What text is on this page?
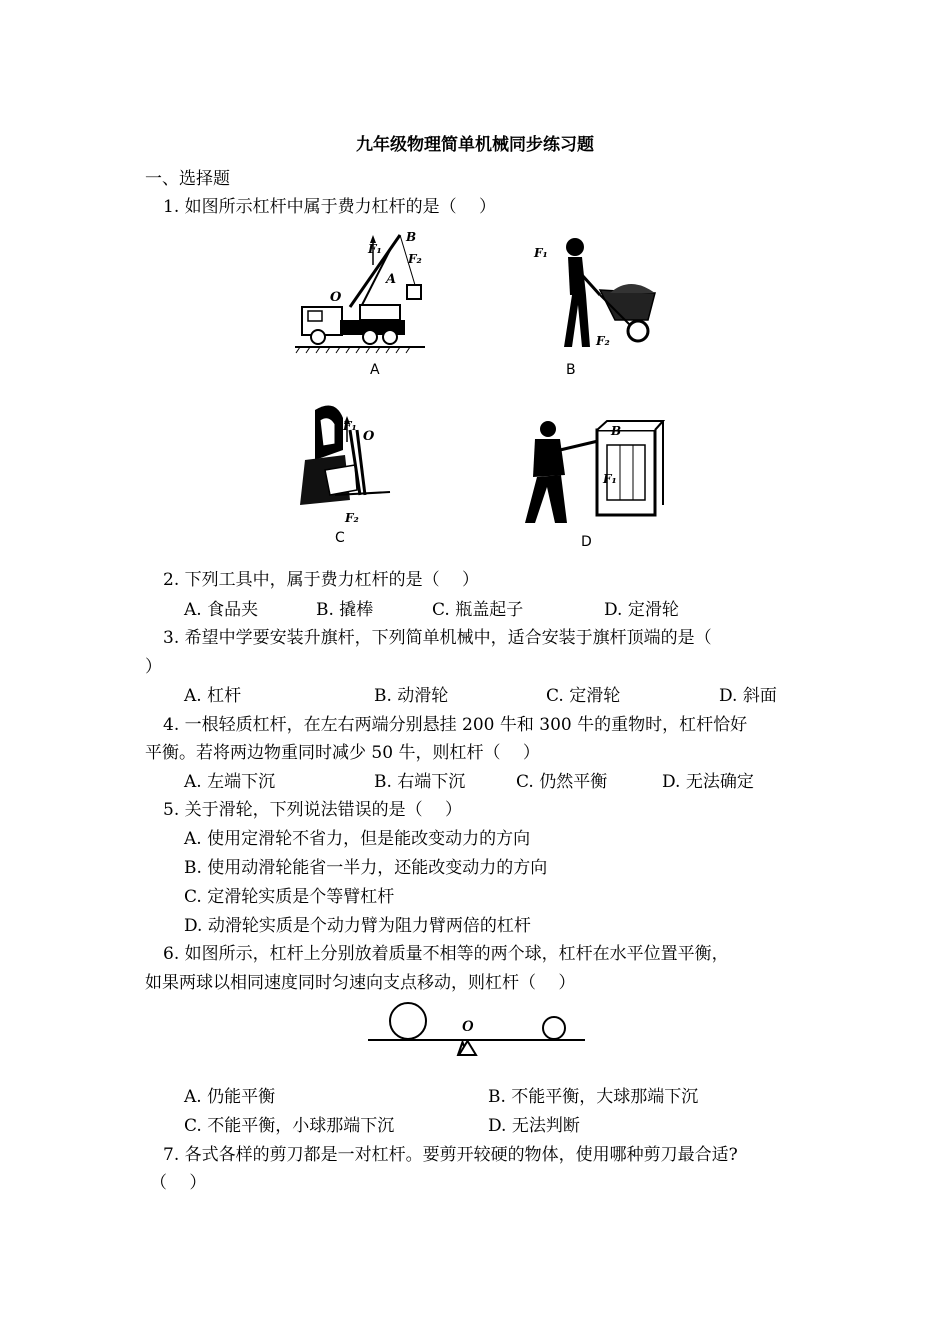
九年级物理简单机械同步练习题
一、选择题
1. 如图所示杠杆中属于费力杠杆的是（　 ）
F₁
B
F₂
O
A
A
F₁
F₂
B
F₁
O
F₂
C
B
F₁
D
2. 下列工具中，属于费力杠杆的是（　 ）
A. 食品夹	B. 撬棒	C. 瓶盖起子	D. 定滑轮
3. 希望中学要安装升旗杆，下列简单机械中，适合安装于旗杆顶端的是（
）
A. 杠杆	B. 动滑轮	C. 定滑轮	D. 斜面
4. 一根轻质杠杆，在左右两端分别悬挂 200 牛和 300 牛的重物时，杠杆恰好
平衡。若将两边物重同时减少 50 牛，则杠杆（　 ）
A. 左端下沉	B. 右端下沉	C. 仍然平衡	D. 无法确定
5. 关于滑轮，下列说法错误的是（　 ）
A. 使用定滑轮不省力，但是能改变动力的方向
B. 使用动滑轮能省一半力，还能改变动力的方向
C. 定滑轮实质是个等臂杠杆
D. 动滑轮实质是个动力臂为阻力臂两倍的杠杆
6. 如图所示，杠杆上分别放着质量不相等的两个球，杠杆在水平位置平衡，
如果两球以相同速度同时匀速向支点移动，则杠杆（　 ）
O
A. 仍能平衡	B. 不能平衡，大球那端下沉
C. 不能平衡，小球那端下沉	D. 无法判断
7. 各式各样的剪刀都是一对杠杆。要剪开较硬的物体，使用哪种剪刀最合适?
（　 ）
